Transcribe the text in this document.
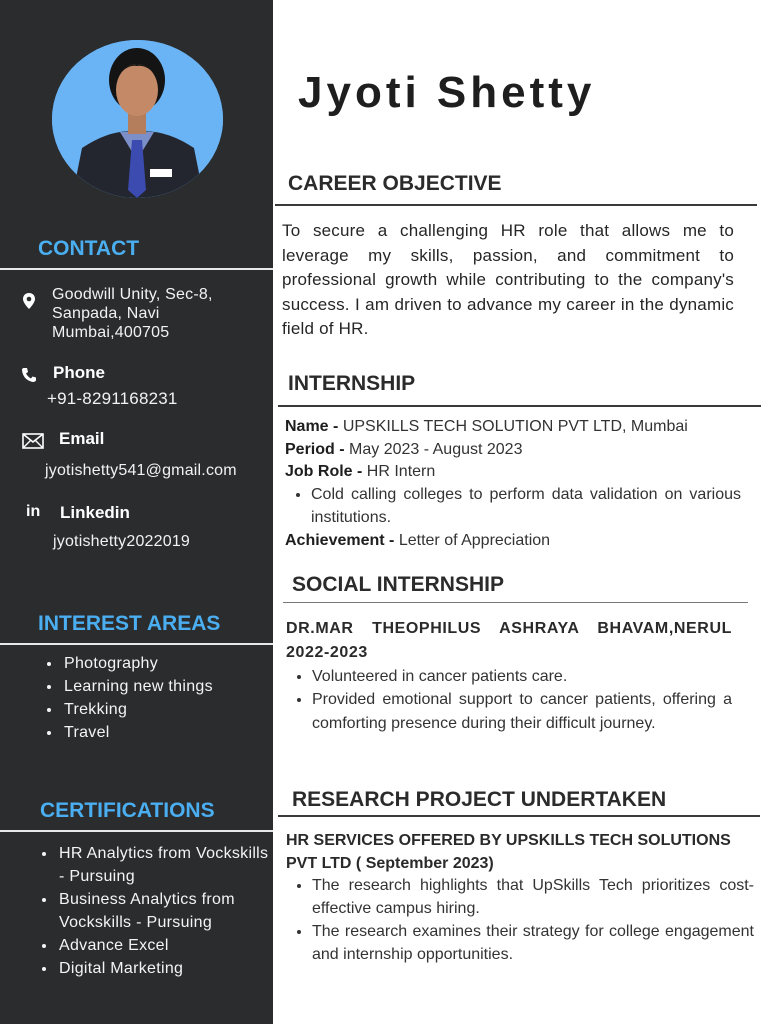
CONTACT
Goodwill Unity, Sec-8,
Sanpada, Navi
Mumbai,400705
Phone
+91-8291168231
Email
jyotishetty541@gmail.com
in Linkedin
jyotishetty2022019
INTEREST AREAS
• Photography
• Learning new things
• Trekking
• Travel
CERTIFICATIONS
• HR Analytics from Vockskills - Pursuing
• Business Analytics from Vockskills - Pursuing
• Advance Excel
• Digital Marketing
Jyoti Shetty
CAREER OBJECTIVE
To secure a challenging HR role that allows me to leverage my skills, passion, and commitment to professional growth while contributing to the company's success. I am driven to advance my career in the dynamic field of HR.
INTERNSHIP
Name - UPSKILLS TECH SOLUTION PVT LTD, Mumbai
Period - May 2023 - August 2023
Job Role - HR Intern
• Cold calling colleges to perform data validation on various institutions.
Achievement - Letter of Appreciation
SOCIAL INTERNSHIP
DR.MAR THEOPHILUS ASHRAYA BHAVAM,NERUL 2022-2023
• Volunteered in cancer patients care.
• Provided emotional support to cancer patients, offering a comforting presence during their difficult journey.
RESEARCH PROJECT UNDERTAKEN
HR SERVICES OFFERED BY UPSKILLS TECH SOLUTIONS PVT LTD ( September 2023)
• The research highlights that UpSkills Tech prioritizes cost-effective campus hiring.
• The research examines their strategy for college engagement and internship opportunities.
